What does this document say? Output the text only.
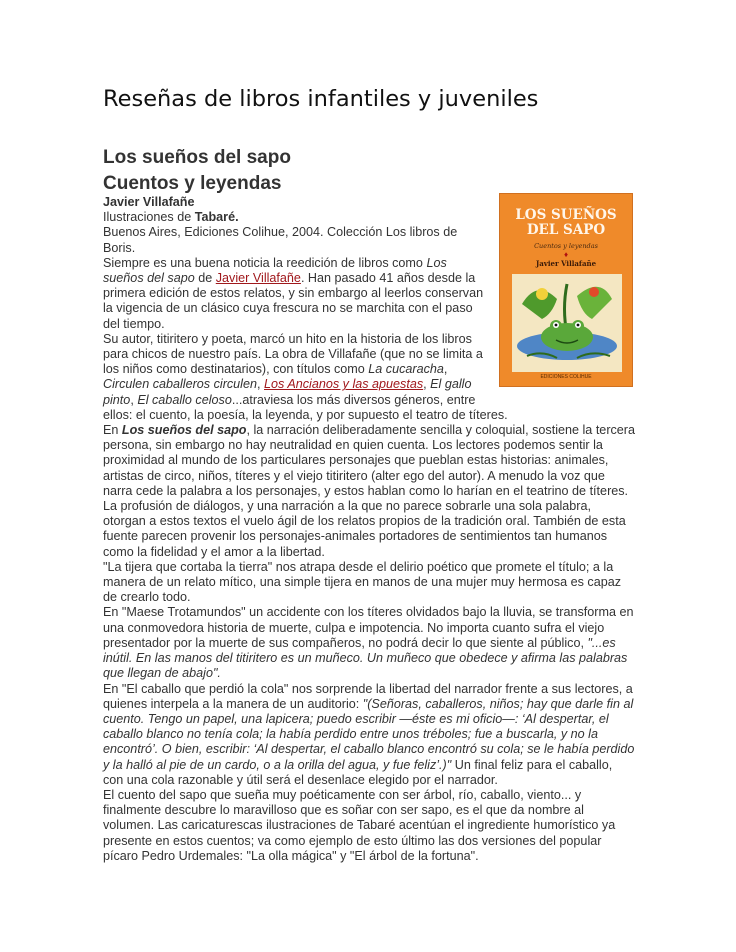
Reseñas de libros infantiles y juveniles
Los sueños del sapo
Cuentos y leyendas
LOS SUEÑOS
DEL SAPO
Cuentos y leyendas
♦
Javier Villafañe
EDICIONES COLIHUE

Javier Villafañe

Ilustraciones de Tabaré.

Buenos Aires, Ediciones Colihue, 2004. Colección Los libros de Boris.

Siempre es una buena noticia la reedición de libros como Los sueños del sapo de Javier Villafañe. Han pasado 41 años desde la primera edición de estos relatos, y sin embargo al leerlos conservan la vigencia de un clásico cuya frescura no se marchita con el paso del tiempo.

Su autor, titiritero y poeta, marcó un hito en la historia de los libros para chicos de nuestro país. La obra de Villafañe (que no se limita a los niños como destinatarios), con títulos como La cucaracha, Circulen caballeros circulen, Los Ancianos y las apuestas, El gallo pinto, El caballo celoso...atraviesa los más diversos géneros, entre ellos: el cuento, la poesía, la leyenda, y por supuesto el teatro de títeres.

En Los sueños del sapo, la narración deliberadamente sencilla y coloquial, sostiene la tercera persona, sin embargo no hay neutralidad en quien cuenta. Los lectores podemos sentir la proximidad al mundo de los particulares personajes que pueblan estas historias: animales, artistas de circo, niños, títeres y el viejo titiritero (alter ego del autor). A menudo la voz que narra cede la palabra a los personajes, y estos hablan como lo harían en el teatrino de títeres. La profusión de diálogos, y una narración a la que no parece sobrarle una sola palabra, otorgan a estos textos el vuelo ágil de los relatos propios de la tradición oral. También de esta fuente parecen provenir los personajes-animales portadores de sentimientos tan humanos como la fidelidad y el amor a la libertad.

"La tijera que cortaba la tierra" nos atrapa desde el delirio poético que promete el título; a la manera de un relato mítico, una simple tijera en manos de una mujer muy hermosa es capaz de crearlo todo.

En "Maese Trotamundos" un accidente con los títeres olvidados bajo la lluvia, se transforma en una conmovedora historia de muerte, culpa e impotencia. No importa cuanto sufra el viejo presentador por la muerte de sus compañeros, no podrá decir lo que siente al público, "...es inútil. En las manos del titiritero es un muñeco. Un muñeco que obedece y afirma las palabras que llegan de abajo".

En "El caballo que perdió la cola" nos sorprende la libertad del narrador frente a sus lectores, a quienes interpela a la manera de un auditorio: "(Señoras, caballeros, niños; hay que darle fin al cuento. Tengo un papel, una lapicera; puedo escribir —éste es mi oficio—: ‘Al despertar, el caballo blanco no tenía cola; la había perdido entre unos tréboles; fue a buscarla, y no la encontró’. O bien, escribir: ‘Al despertar, el caballo blanco encontró su cola; se le había perdido y la halló al pie de un cardo, o a la orilla del agua, y fue feliz’.)" Un final feliz para el caballo, con una cola razonable y útil será el desenlace elegido por el narrador.

El cuento del sapo que sueña muy poéticamente con ser árbol, río, caballo, viento... y finalmente descubre lo maravilloso que es soñar con ser sapo, es el que da nombre al volumen. Las caricaturescas ilustraciones de Tabaré acentúan el ingrediente humorístico ya presente en estos cuentos; va como ejemplo de esto último las dos versiones del popular pícaro Pedro Urdemales: "La olla mágica" y "El árbol de la fortuna".
